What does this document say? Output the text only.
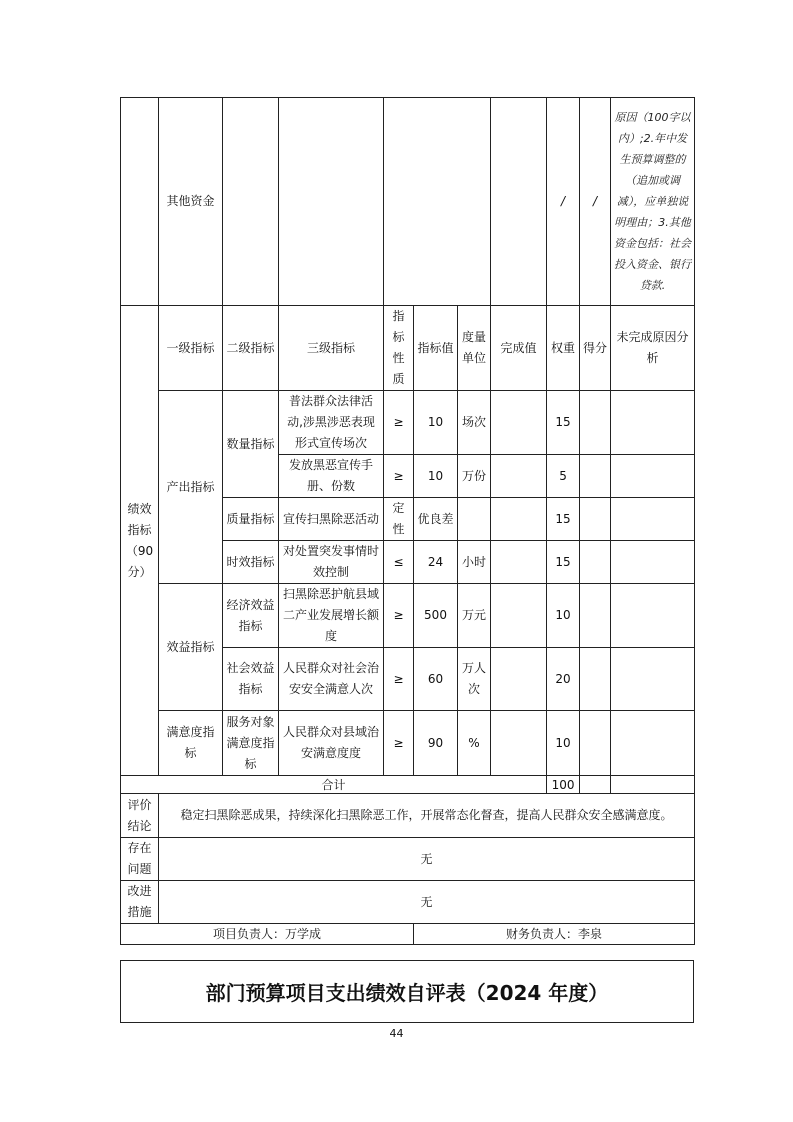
	其他资金							/	/	原因（100字以内）;2.年中发生预算调整的（追加或调减），应单独说明理由；3.其他资金包括：社会投入资金、银行贷款.
绩效指标（90分）	一级指标	二级指标	三级指标	指标性质	指标值	度量单位	完成值	权重	得分	未完成原因分析
	产出指标	数量指标	普法群众法律活动,涉黑涉恶表现形式宣传场次	≥	10	场次		15		
			发放黑恶宣传手册、份数	≥	10	万份		5		
		质量指标	宣传扫黑除恶活动	定性	优良差			15		
		时效指标	对处置突发事情时效控制	≤	24	小时		15		
	效益指标	经济效益指标	扫黑除恶护航县域二产业发展增长额度	≥	500	万元		10		
		社会效益指标	人民群众对社会治安安全满意人次	≥	60	万人次		20		
	满意度指标	服务对象满意度指标	人民群众对县域治安满意度度	≥	90	%		10		
合计								100		
评价结论	稳定扫黑除恶成果，持续深化扫黑除恶工作，开展常态化督查，提高人民群众安全感满意度。									
存在问题	无									
改进措施	无									
项目负责人：万学成					财务负责人：李泉					
部门预算项目支出绩效自评表（2024 年度）
44
